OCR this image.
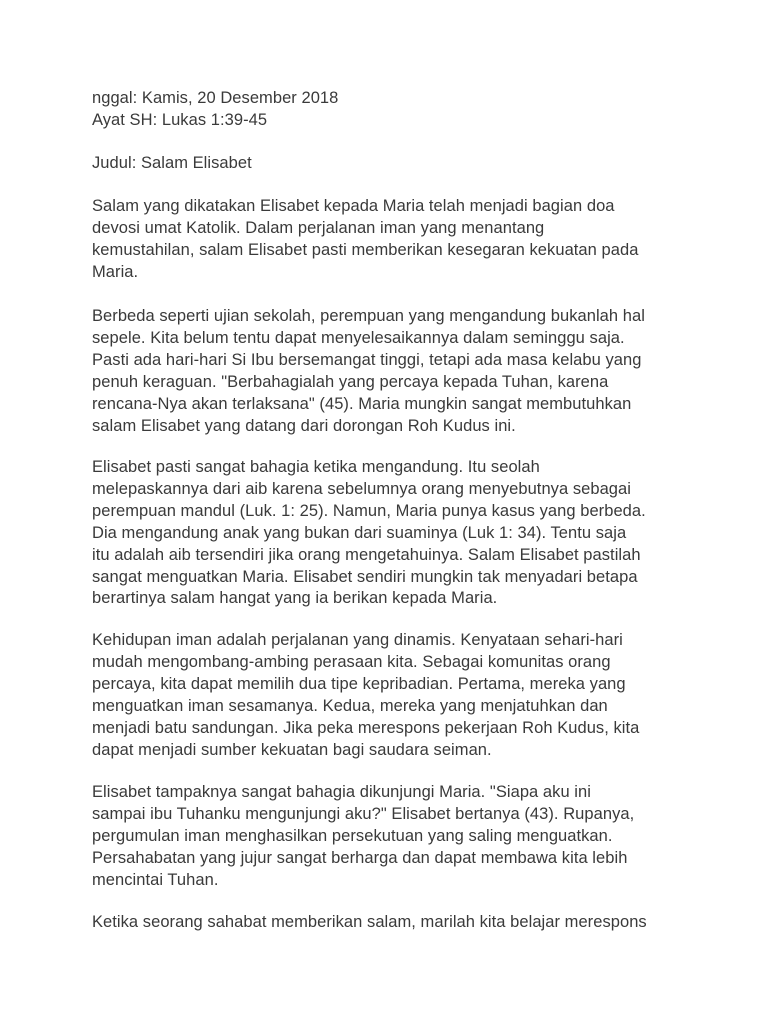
nggal: Kamis, 20 Desember 2018
Ayat SH: Lukas 1:39-45

Judul: Salam Elisabet

Salam yang dikatakan Elisabet kepada Maria telah menjadi bagian doa
devosi umat Katolik. Dalam perjalanan iman yang menantang
kemustahilan, salam Elisabet pasti memberikan kesegaran kekuatan pada
Maria.

Berbeda seperti ujian sekolah, perempuan yang mengandung bukanlah hal
sepele. Kita belum tentu dapat menyelesaikannya dalam seminggu saja.
Pasti ada hari-hari Si Ibu bersemangat tinggi, tetapi ada masa kelabu yang
penuh keraguan. "Berbahagialah yang percaya kepada Tuhan, karena
rencana-Nya akan terlaksana" (45). Maria mungkin sangat membutuhkan
salam Elisabet yang datang dari dorongan Roh Kudus ini.

Elisabet pasti sangat bahagia ketika mengandung. Itu seolah
melepaskannya dari aib karena sebelumnya orang menyebutnya sebagai
perempuan mandul (Luk. 1: 25). Namun, Maria punya kasus yang berbeda.
Dia mengandung anak yang bukan dari suaminya (Luk 1: 34). Tentu saja
itu adalah aib tersendiri jika orang mengetahuinya. Salam Elisabet pastilah
sangat menguatkan Maria. Elisabet sendiri mungkin tak menyadari betapa
berartinya salam hangat yang ia berikan kepada Maria.

Kehidupan iman adalah perjalanan yang dinamis. Kenyataan sehari-hari
mudah mengombang-ambing perasaan kita. Sebagai komunitas orang
percaya, kita dapat memilih dua tipe kepribadian. Pertama, mereka yang
menguatkan iman sesamanya. Kedua, mereka yang menjatuhkan dan
menjadi batu sandungan. Jika peka merespons pekerjaan Roh Kudus, kita
dapat menjadi sumber kekuatan bagi saudara seiman.

Elisabet tampaknya sangat bahagia dikunjungi Maria. "Siapa aku ini
sampai ibu Tuhanku mengunjungi aku?" Elisabet bertanya (43). Rupanya,
pergumulan iman menghasilkan persekutuan yang saling menguatkan.
Persahabatan yang jujur sangat berharga dan dapat membawa kita lebih
mencintai Tuhan.

Ketika seorang sahabat memberikan salam, marilah kita belajar merespons
